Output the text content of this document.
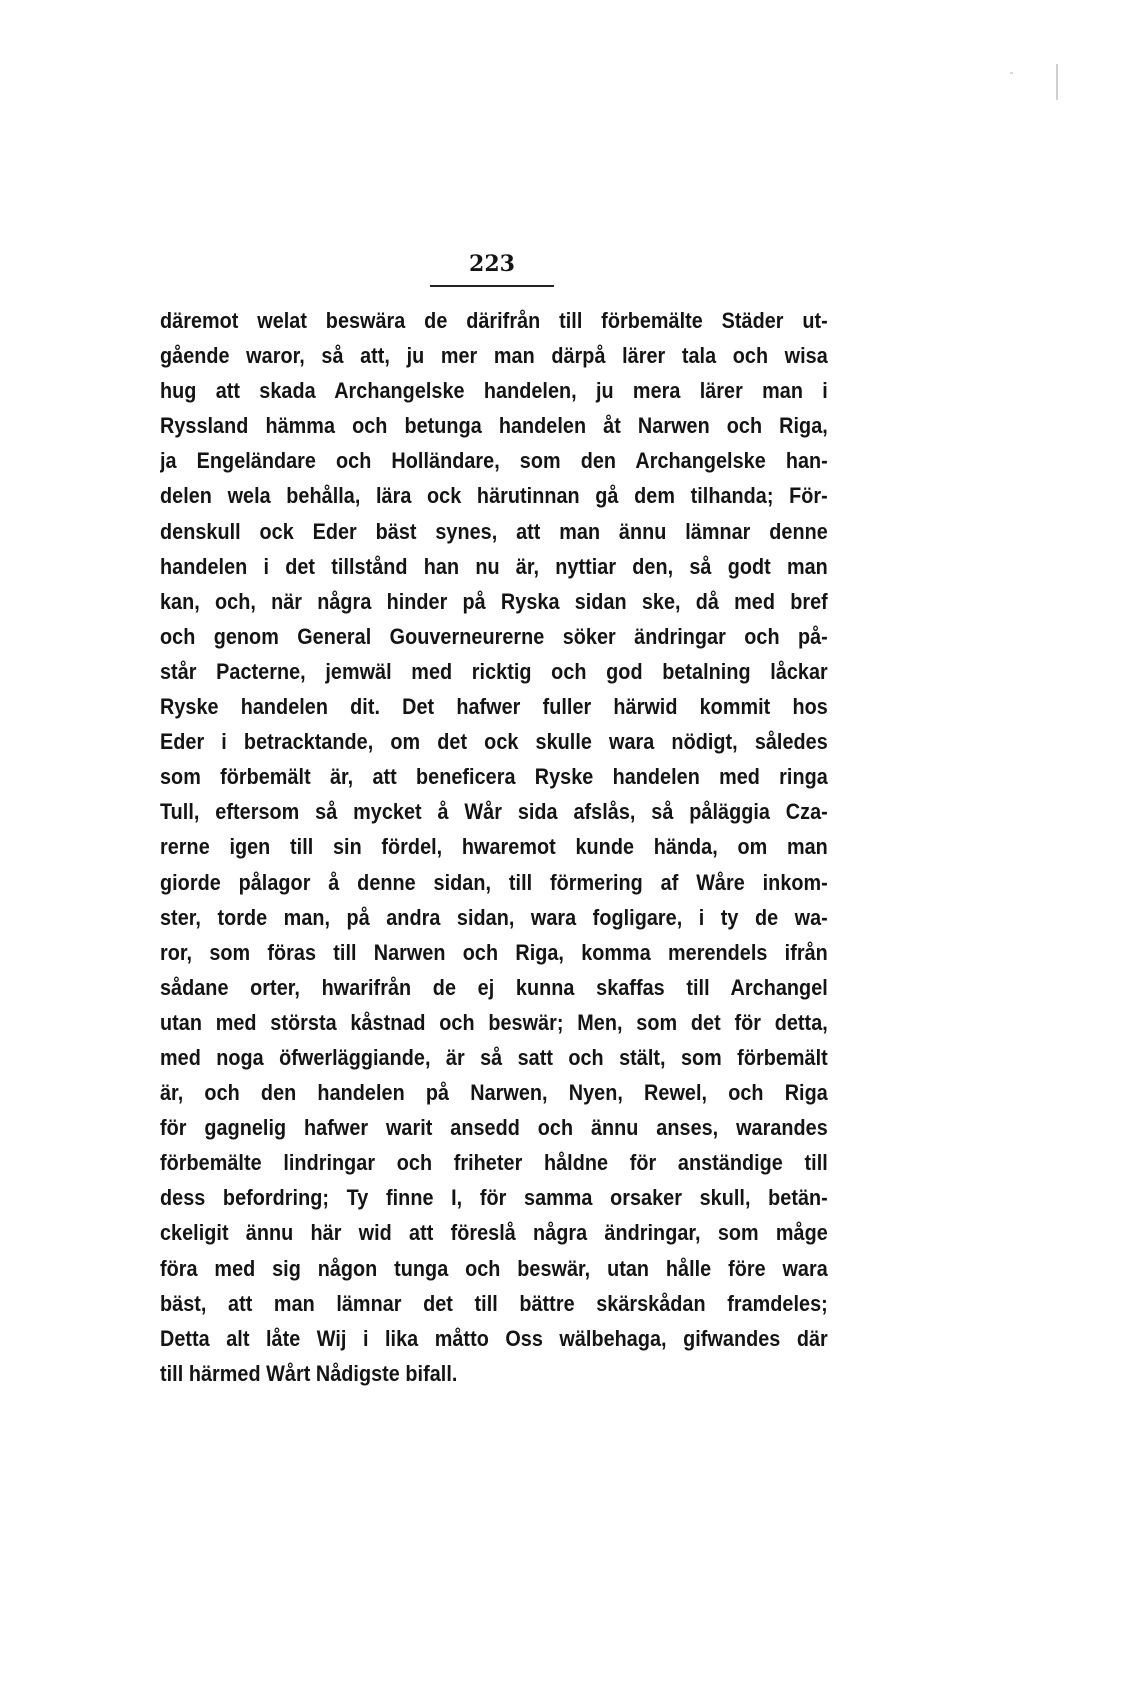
223
däremot welat beswära de därifrån till förbemälte Städer ut-
gående waror, så att, ju mer man därpå lärer tala och wisa
hug att skada Archangelske handelen, ju mera lärer man i
Ryssland hämma och betunga handelen åt Narwen och Riga,
ja Engeländare och Holländare, som den Archangelske han-
delen wela behålla, lära ock härutinnan gå dem tilhanda; För-
denskull ock Eder bäst synes, att man ännu lämnar denne
handelen i det tillstånd han nu är, nyttiar den, så godt man
kan, och, när några hinder på Ryska sidan ske, då med bref
och genom General Gouverneurerne söker ändringar och på-
står Pacterne, jemwäl med ricktig och god betalning låckar
Ryske handelen dit. Det hafwer fuller härwid kommit hos
Eder i betracktande, om det ock skulle wara nödigt, således
som förbemält är, att beneficera Ryske handelen med ringa
Tull, eftersom så mycket å Wår sida afslås, så påläggia Cza-
rerne igen till sin fördel, hwaremot kunde hända, om man
giorde pålagor å denne sidan, till förmering af Wåre inkom-
ster, torde man, på andra sidan, wara fogligare, i ty de wa-
ror, som föras till Narwen och Riga, komma merendels ifrån
sådane orter, hwarifrån de ej kunna skaffas till Archangel
utan med största kåstnad och beswär; Men, som det för detta,
med noga öfwerläggiande, är så satt och stält, som förbemält
är, och den handelen på Narwen, Nyen, Rewel, och Riga
för gagnelig hafwer warit ansedd och ännu anses, warandes
förbemälte lindringar och friheter håldne för anständige till
dess befordring; Ty finne I, för samma orsaker skull, betän-
ckeligit ännu här wid att föreslå några ändringar, som måge
föra med sig någon tunga och beswär, utan hålle före wara
bäst, att man lämnar det till bättre skärskådan framdeles;
Detta alt låte Wij i lika måtto Oss wälbehaga, gifwandes där
till härmed Wårt Nådigste bifall.
